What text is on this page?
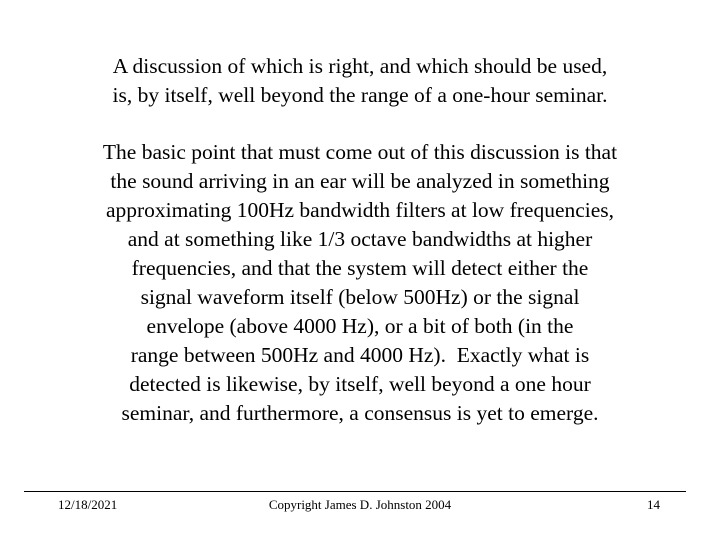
A discussion of which is right, and which should be used,
is, by itself, well beyond the range of a one-hour seminar.

The basic point that must come out of this discussion is that
the sound arriving in an ear will be analyzed in something
approximating 100Hz bandwidth filters at low frequencies,
and at something like 1/3 octave bandwidths at higher
frequencies, and that the system will detect either the
signal waveform itself (below 500Hz) or the signal
envelope (above 4000 Hz), or a bit of both (in the
range between 500Hz and 4000 Hz).  Exactly what is
detected is likewise, by itself, well beyond a one hour
seminar, and furthermore, a consensus is yet to emerge.

12/18/2021	Copyright James D. Johnston 2004	14
